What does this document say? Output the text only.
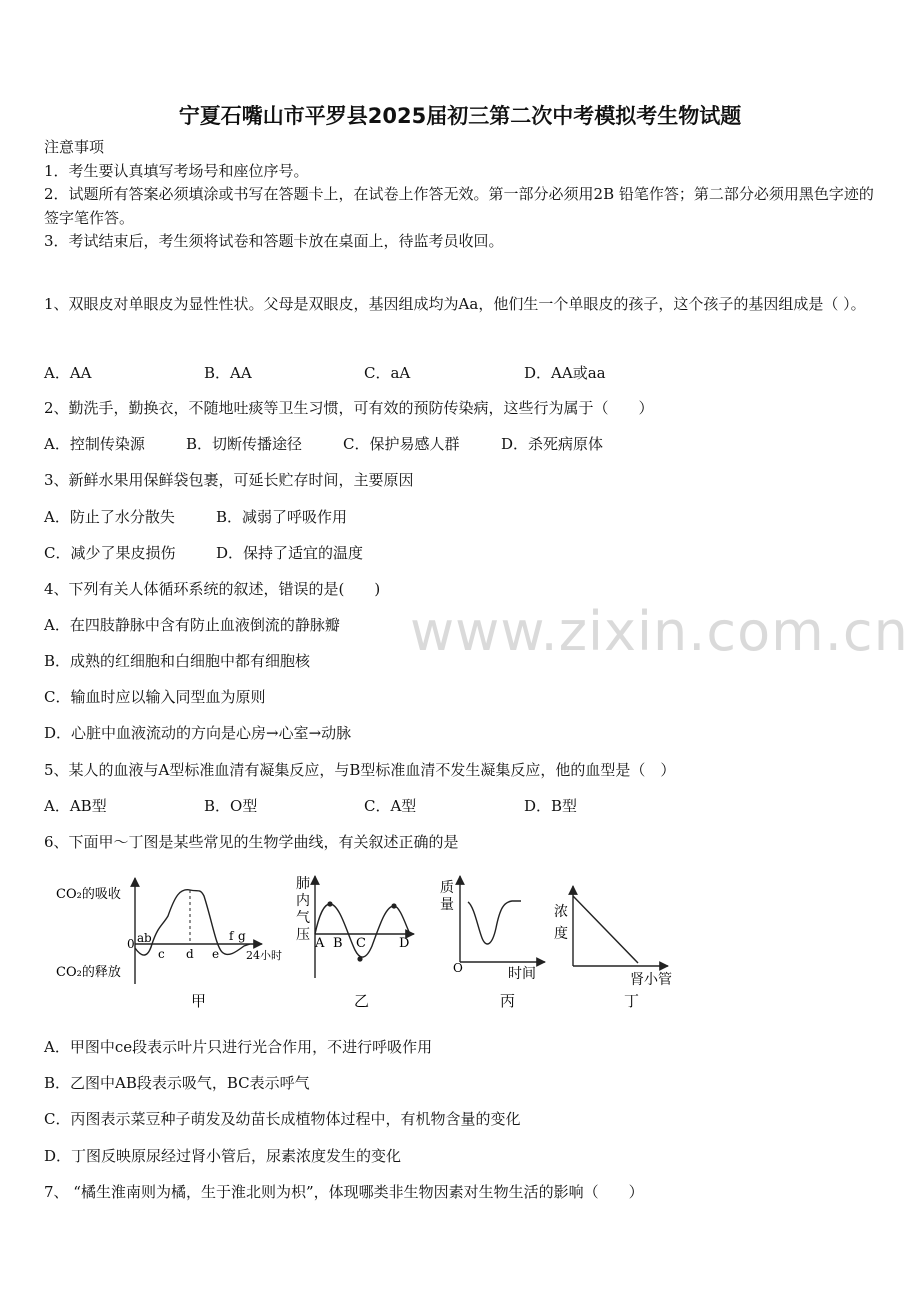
宁夏石嘴山市平罗县2025届初三第二次中考模拟考生物试题
注意事项
1．考生要认真填写考场号和座位序号。
2．试题所有答案必须填涂或书写在答题卡上，在试卷上作答无效。第一部分必须用2B 铅笔作答；第二部分必须用黑色字迹的签字笔作答。
3．考试结束后，考生须将试卷和答题卡放在桌面上，待监考员收回。
1、双眼皮对单眼皮为显性性状。父母是双眼皮，基因组成均为Aa，他们生一个单眼皮的孩子，这个孩子的基因组成是（ ）。
A．AA	B．AA	C．aA	D．AA或aa
2、勤洗手，勤换衣，不随地吐痰等卫生习惯，可有效的预防传染病，这些行为属于（　　）
A．控制传染源	B．切断传播途径	C．保护易感人群	D．杀死病原体
3、新鲜水果用保鲜袋包裹，可延长贮存时间，主要原因
A．防止了水分散失	B．减弱了呼吸作用
C．减少了果皮损伤	D．保持了适宜的温度
4、下列有关人体循环系统的叙述，错误的是(　　)
A．在四肢静脉中含有防止血液倒流的静脉瓣
B．成熟的红细胞和白细胞中都有细胞核
C．输血时应以输入同型血为原则
D．心脏中血液流动的方向是心房→心室→动脉
5、某人的血液与A型标准血清有凝集反应，与B型标准血清不发生凝集反应，他的血型是（　）
A．AB型	B．O型	C．A型	D．B型
6、下面甲～丁图是某些常见的生物学曲线，有关叙述正确的是
CO₂的吸收
CO₂的释放
0
24小时
a b
c d e
f g
甲
肺
内
气
压
A B C	D
乙
质
量
O	时间
丙
浓
度
肾小管
丁
A．甲图中ce段表示叶片只进行光合作用，不进行呼吸作用
B．乙图中AB段表示吸气，BC表示呼气
C．丙图表示菜豆种子萌发及幼苗长成植物体过程中，有机物含量的变化
D．丁图反映原尿经过肾小管后，尿素浓度发生的变化
7、 “橘生淮南则为橘，生于淮北则为枳”，体现哪类非生物因素对生物生活的影响（　　）
www.zixin.com.cn
